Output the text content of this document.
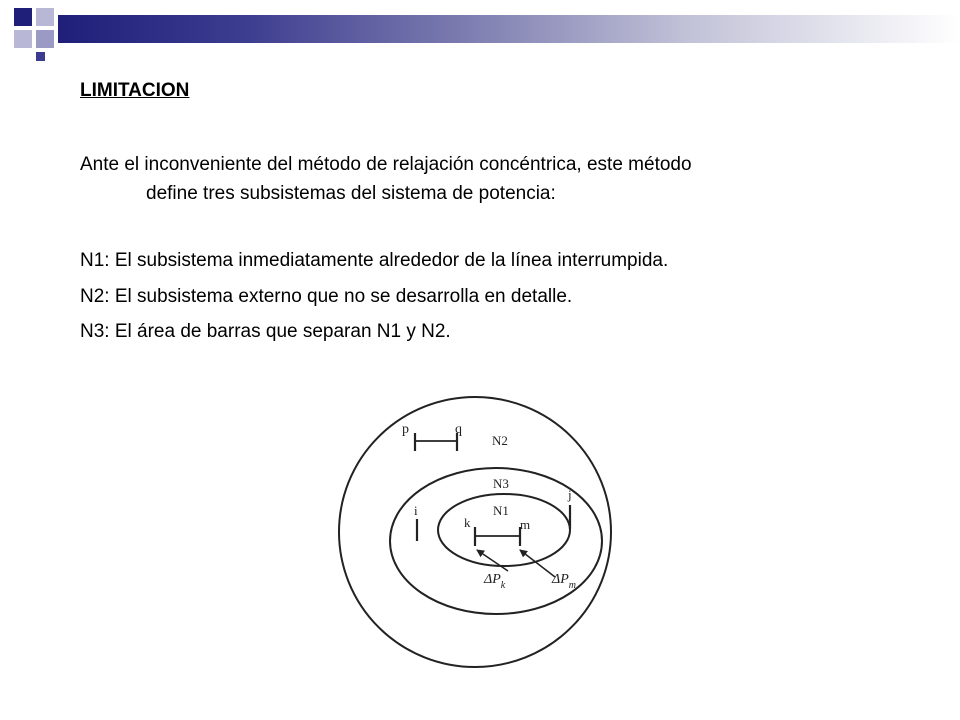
LIMITACION
Ante el inconveniente del método de relajación concéntrica, este método
define tres subsistemas del sistema de potencia:
N1: El subsistema inmediatamente alrededor de la línea interrumpida.
N2: El subsistema externo que no se desarrolla en detalle.
N3: El área de barras que separan N1 y N2.
N2
N3
N1
p	q
i
j
k	m
$\Delta P_k$	$\Delta P_m$
